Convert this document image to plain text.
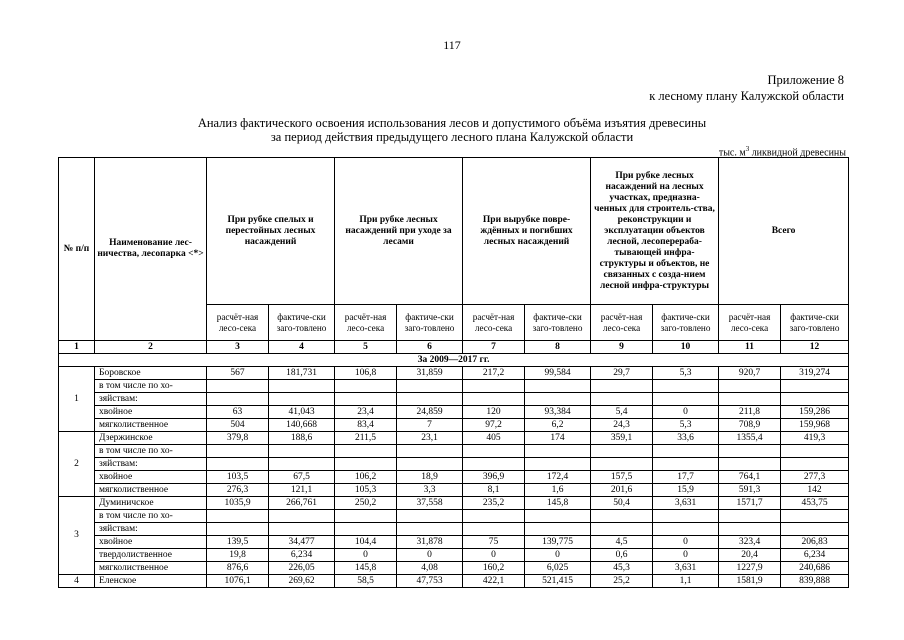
117
Приложение 8
к лесному плану Калужской области
Анализ фактического освоения использования лесов и допустимого объёма изъятия древесины
за период действия предыдущего лесного плана Калужской области
тыс. $м^3$ ликвидной древесины
№ п/п	Наименование лес-ничества, лесопарка <*>	При рубке спелых и перестойных лесных насаждений		При рубке лесных насаждений при уходе за лесами		При вырубке повре-ждённых и погибших лесных насаждений		При рубке лесных насаждений на лесных участках, предназна-ченных для строитель-ства, реконструкции и эксплуатации объектов лесной, лесоперераба-тывающей инфра-структуры и объектов, не связанных с созда-нием лесной инфра-структуры		Всего	
		расчёт-ная лесо-сека	фактиче-ски заго-товлено	расчёт-ная лесо-сека	фактиче-ски заго-товлено	расчёт-ная лесо-сека	фактиче-ски заго-товлено	расчёт-ная лесо-сека	фактиче-ски заго-товлено	расчёт-ная лесо-сека	фактиче-ски заго-товлено
1	2	3	4	5	6	7	8	9	10	11	12
За 2009—2017 гг.											
1	Боровское	567	181,731	106,8	31,859	217,2	99,584	29,7	5,3	920,7	319,274
	в том числе по хо-										
	зяйствам:										
	хвойное	63	41,043	23,4	24,859	120	93,384	5,4	0	211,8	159,286
	мягколиственное	504	140,668	83,4	7	97,2	6,2	24,3	5,3	708,9	159,968
2	Дзержинское	379,8	188,6	211,5	23,1	405	174	359,1	33,6	1355,4	419,3
	в том числе по хо-										
	зяйствам:										
	хвойное	103,5	67,5	106,2	18,9	396,9	172,4	157,5	17,7	764,1	277,3
	мягколиственное	276,3	121,1	105,3	3,3	8,1	1,6	201,6	15,9	591,3	142
3	Думиничское	1035,9	266,761	250,2	37,558	235,2	145,8	50,4	3,631	1571,7	453,75
	в том числе по хо-										
	зяйствам:										
	хвойное	139,5	34,477	104,4	31,878	75	139,775	4,5	0	323,4	206,83
	твердолиственное	19,8	6,234	0	0	0	0	0,6	0	20,4	6,234
	мягколиственное	876,6	226,05	145,8	4,08	160,2	6,025	45,3	3,631	1227,9	240,686
4	Еленское	1076,1	269,62	58,5	47,753	422,1	521,415	25,2	1,1	1581,9	839,888
